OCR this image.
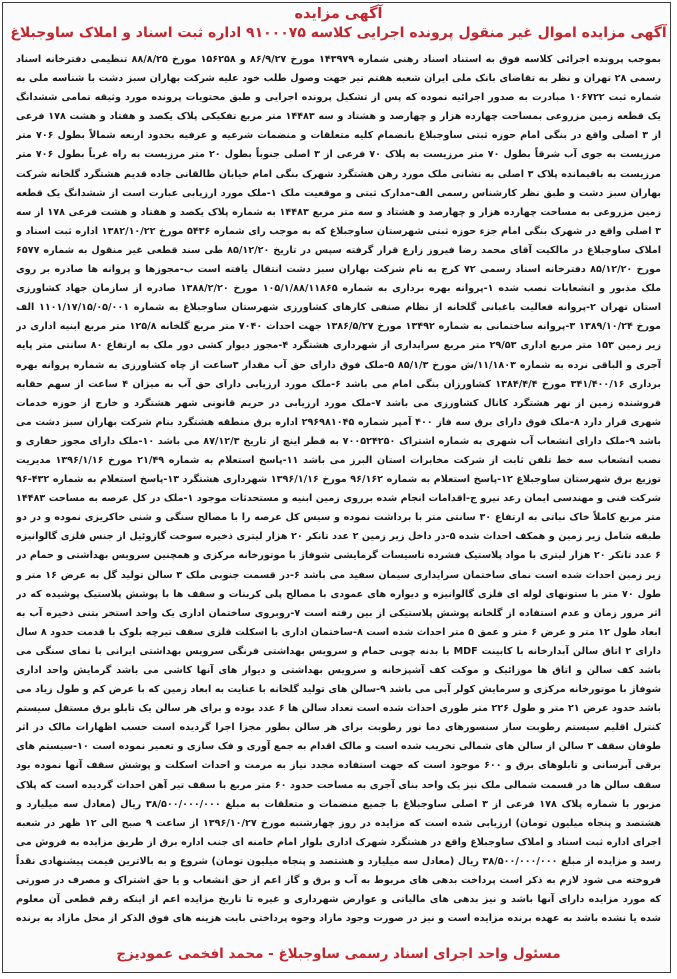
آگهی مزایده
آگهی مزایده اموال غیر منقول پرونده اجرایی کلاسه ۹۱۰۰۰۷۵ اداره ثبت اسناد و املاک ساوجبلاغ
بموجب پرونده اجرائی کلاسه فوق به استناد اسناد رهنی شماره ۱۴۳۹۷۹ مورخ ۸۶/۹/۲۷ و ۱۵۶۲۵۸ مورخ ۸۸/۸/۲۵ تنظیمی دفترخانه اسناد رسمی ۲۸ تهران و نظر به تقاضای بانک ملی ایران شعبه هفتم تیر جهت وصول طلب خود علیه شرکت بهاران سبز دشت با شناسه ملی به شماره ثبت ۱۰۶۷۲۲ مبادرت به صدور اجرائیه نموده که پس از تشکیل پرونده اجرایی و طبق محتویات پرونده مورد وثیقه تمامی ششدانگ یک قطعه زمین مزروعی بمساحت چهارده هزار و چهارصد و هشتاد و سه ۱۴۴۸۳ متر مربع تفکیکی پلاک یکصد و هفتاد و هشت ۱۷۸ فرعی از ۳ اصلی واقع در بنگی امام حوزه ثبتی ساوجبلاغ بانضمام کلیه متعلقات و منضمات شرعیه و عرفیه بحدود اربعه شمالاً بطول ۷۰۶ متر مرزیست به جوی آب شرقاً بطول ۷۰ متر مرزیست به پلاک ۷۰ فرعی از ۳ اصلی جنوباً بطول ۲۰ متر مرزیست به راه غرباً بطول ۷۰۶ متر مرزیست به باقیمانده پلاک ۳ اصلی به نشانی ملک مورد رهن هشتگرد شهرک بنگی امام خیابان طالقانی جاده قدیم هشتگرد گلخانه شرکت بهاران سبز دشت و طبق نظر کارشناس رسمی الف-مدارک ثبتی و موقعیت ملک ۱-ملک مورد ارزیابی عبارت است از ششدانگ یک قطعه زمین مزروعی به مساحت چهارده هزار و چهارصد و هشتاد و سه متر مربع ۱۴۴۸۳ به شماره پلاک یکصد و هفتاد و هشت فرعی ۱۷۸ از سه ۳ اصلی واقع در شهرک بنگی امام جزء حوزه ثبتی شهرستان ساوجبلاغ که به موجب رای شماره ۵۴۳۶ مورخ ۱۳۸۲/۱۰/۲۲ اداره ثبت اسناد و املاک ساوجبلاغ در مالکیت آقای محمد رضا فیروز زارع قرار گرفته سپس در تاریخ ۸۵/۱۲/۲۰ طی سند قطعی غیر منقول به شماره ۶۵۷۷ مورخ ۸۵/۱۲/۲۰ دفترخانه اسناد رسمی ۷۲ کرج به نام شرکت بهاران سبز دشت انتقال یافته است ب-مجوزها و پروانه ها صادره بر روی ملک مذبور و انشعابات نصب شده ۱-پروانه بهره برداری به شماره ۱۰۵/۱/۸۸/۱۱۸۶۵ مورخ ۱۳۸۸/۲/۲۰ صادره از سازمان جهاد کشاورزی استان تهران ۲-پروانه فعالیت باغبانی گلخانه از نظام صنفی کارهای کشاورزی شهرستان ساوجبلاغ به شماره ۱۱۰۱/۱۷/۱۵/۰۵/۰۰۱ الف مورخ ۱۳۸۹/۱۰/۲۴ ۳-پروانه ساختمانی به شماره ۱۳۴۹۲ مورخ ۱۳۸۶/۵/۲۷ جهت احداث ۷۰۴۰ متر مربع گلخانه ۱۲۵/۸ متر مربع ابنیه اداری در زیر زمین ۱۵۳ متر مربع اداری ۲۹/۵۳ متر مربع سرایداری از شهرداری هشتگرد ۴-مجوز دیوار کشی دور ملک به ارتفاع ۸۰ سانتی متر پایه آجری و الباقی نرده به شماره ۱۱/۱۸۰۳/ش مورخ ۸۵/۱/۳ ۵-ملک فوق دارای حق آب مقدار ۳ساعت از چاه کشاورزی به شماره پروانه بهره برداری ۳۴۱/۴۰۰/۱۶ مورخ ۱۳۸۴/۴/۴ کشاورزان بنگی امام می باشد ۶-ملک مورد ارزیابی دارای حق آب به میزان ۴ ساعت از سهم حقابه فروشنده زمین از نهر هشتگرد کانال کشاورزی می باشد ۷-ملک مورد ارزیابی در حریم قانونی شهر هشتگرد و خارج از حوزه خدمات شهری قرار دارد ۸-ملک فوق دارای برق سه فاز ۴۰۰ آمپر شماره ۲۹۶۹۸۱۰۴۵ اداره برق منطقه هشتگرد بنام شرکت بهاران سبز دشت می باشد ۹-ملک دارای انشعاب آب شهری به شماره اشتراک ۷۰۰۵۲۴۲۵۰ به قطر اینچ از تاریخ ۸۷/۱۲/۳ می باشد ۱۰-ملک دارای مجوز حفاری و نصب انشعاب سه خط تلفن ثابت از شرکت مخابرات استان البرز می باشد ۱۱-پاسخ استعلام به شماره ۲۱/۴۹ مورخ ۱۳۹۶/۱/۱۶ مدیریت توزیع برق شهرستان ساوجبلاغ ۱۲-پاسخ استعلام به شماره ۹۶/۱۶۲ مورخ ۱۳۹۶/۱/۱۶ شهرداری هشتگرد ۱۳-پاسخ استعلام به شماره ۴۳۲-۹۶ شرکت فنی و مهندسی ایمان رعد نیرو ج-اقدامات انجام شده برروی زمین ابنیه و مستحدثات موجود ۱-ملک در کل عرصه به مساحت ۱۴۴۸۳ متر مربع کاملاً خاک نباتی به ارتفاع ۳۰ سانتی متر با برداشت نموده و سیس کل عرصه را با مصالح سنگی و شنی خاکریزی نموده و در دو طبقه شامل زیر زمین و همکف احداث شده ۵-در داخل زیر زمین ۲ عدد تانکر ۲۰ هزار لیتری ذخیره سوخت گازوئیل از جنس فلزی گالوانیزه ۶ عدد تانکر ۲۰ هزار لیتری با مواد پلاستیک فشرده تاسیسات گرمایشی شوفاژ با موتورخانه مرکزی و همچنین سرویس بهداشتی و حمام در زیر زمین احداث شده است نمای ساختمان سرایداری سیمان سفید می باشد ۶-در قسمت جنوبی ملک ۳ سالن تولید گل به عرض ۱۶ متر و طول ۷۰ متر با ستونهای لوله ای فلزی گالوانیزه و دیواره های عمودی با مصالح پلی کربنات و سقف ها با پوشش پلاستیک پوشیده که در اثر مرور زمان و عدم استفاده از گلخانه پوشش پلاستیکی از بین رفته است ۷-روبروی ساختمان اداری یک واحد استخر بتنی ذخیره آب به ابعاد طول ۱۲ متر و عرض ۶ متر و عمق ۵ متر احداث شده است ۸-ساختمان اداری با اسکلت فلزی سقف تیرچه بلوک با قدمت حدود ۸ سال دارای ۲ اتاق سالن آبدارخانه با کابینت MDF با بدنه چوبی حمام و سرویس بهداشتی فرنگی سرویس بهداشتی ایرانی با نمای سنگی می باشد کف سالن و اتاق ها موزائیک و موکت کف آشپزخانه و سرویس بهداشتی و دیوار های آنها کاشی می باشد گرمایش واحد اداری شوفاژ با موتورخانه مرکزی و سرمایش کولر آبی می باشد ۹-سالن های تولید گلخانه با عنایت به ابعاد زمین که با عرض کم و طول زیاد می باشد حدود عرض ۲۱ متر و طول ۲۲۶ متر طوری احداث شده است تعداد سالن ها ۶ عدد بوده و برای هر سالن یک تابلو برق مستقل سیستم کنترل اقلیم سیستم رطوبت ساز سنسورهای دما نور رطوبت برای هر سالن بطور مجزا اجرا گردیده است حسب اظهارات مالک در اثر طوفان سقف ۳ سالن از سالن های شمالی تخریب شده است و مالک اقدام به جمع آوری و فک سازی و تعمیر نموده است ۱۰-سیستم های برقی آبرسانی و تابلوهای برق و ۶۰۰ موجود است که جهت استفاده مجدد نیاز به مرمت و احداث اسکلت و پوشش سقف آنها نموده بود سقف سالن ها در قسمت شمالی ملک نیز یک واحد بنای آجری به مساحت حدود ۶۰ متر مربع با سقف تیر آهن احداث گردیده است که پلاک مزبور با شماره پلاک ۱۷۸ فرعی از ۳ اصلی ساوجبلاغ با جمیع منضمات و متعلقات به مبلغ ۳۸/۵۰۰/۰۰۰/۰۰۰ ریال (معادل سه میلیارد و هشتصد و پنجاه میلیون تومان) ارزیابی شده است که مزایده در روز چهارشنبه مورخ ۱۳۹۶/۱۰/۲۷ از ساعت ۹ صبح الی ۱۲ ظهر در شعبه اجرای اداره ثبت اسناد و املاک ساوجبلاغ واقع در هشتگرد شهرک اداری بلوار امام خامنه ای جنب اداره برق از طریق مزایده به فروش می رسد و مزایده از مبلغ ۳۸/۵۰۰/۰۰۰/۰۰۰ ریال (معادل سه میلیارد و هشتصد و پنجاه میلیون تومان) شروع و به بالاترین قیمت پیشنهادی نقداً فروخته می شود لازم به ذکر است پرداخت بدهی های مربوط به آب و برق و گاز اعم از حق انشعاب و یا حق اشتراک و مصرف در صورتی که مورد مزایده دارای آنها باشد و نیز بدهی های مالیاتی و عوارض شهرداری و غیره تا تاریخ مزایده اعم از اینکه رقم قطعی آن معلوم شده یا نشده باشد به عهده برنده مزایده است و نیز در صورت وجود مازاد وجوه پرداختی بابت هزینه های فوق الذکر از محل مازاد به برنده
مسئول واحد اجرای اسناد رسمی ساوجبلاغ - محمد افخمی عمودیزج
